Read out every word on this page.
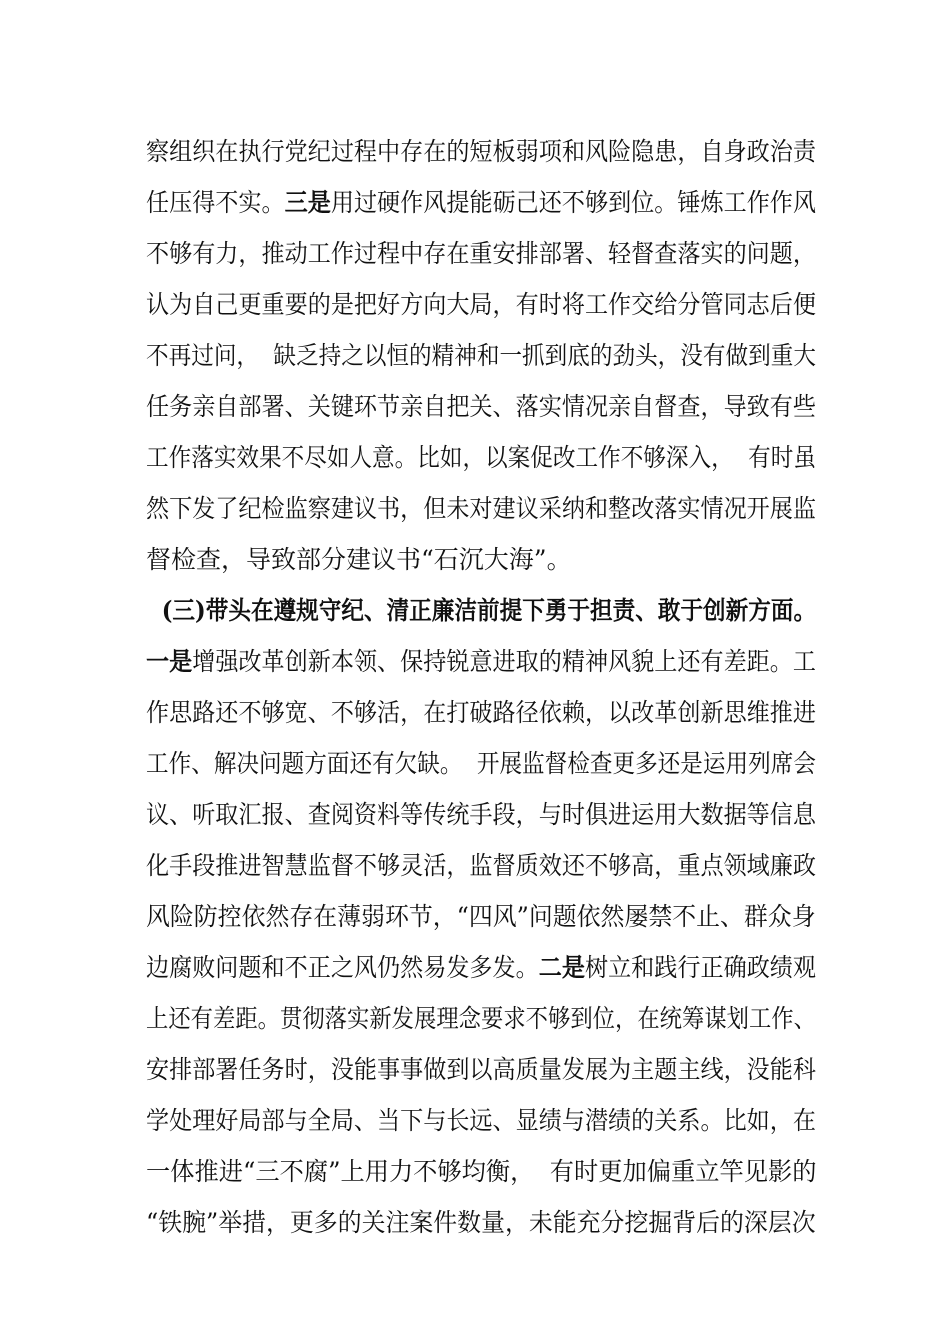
察组织在执行党纪过程中存在的短板弱项和风险隐患，自身政治责
任压得不实。三是用过硬作风提能砺己还不够到位。锤炼工作作风
不够有力，推动工作过程中存在重安排部署、轻督查落实的问题，
认为自己更重要的是把好方向大局，有时将工作交给分管同志后便
不再过问，  缺乏持之以恒的精神和一抓到底的劲头，没有做到重大
任务亲自部署、关键环节亲自把关、落实情况亲自督查，导致有些
工作落实效果不尽如人意。比如，以案促改工作不够深入，  有时虽
然下发了纪检监察建议书，但未对建议采纳和整改落实情况开展监
督检查，导致部分建议书“石沉大海”。
(三)带头在遵规守纪、清正廉洁前提下勇于担责、敢于创新方面。
一是增强改革创新本领、保持锐意进取的精神风貌上还有差距。工
作思路还不够宽、不够活，在打破路径依赖，以改革创新思维推进
工作、解决问题方面还有欠缺。  开展监督检查更多还是运用列席会
议、听取汇报、查阅资料等传统手段，与时俱进运用大数据等信息
化手段推进智慧监督不够灵活，监督质效还不够高，重点领域廉政
风险防控依然存在薄弱环节，“四风”问题依然屡禁不止、群众身
边腐败问题和不正之风仍然易发多发。二是树立和践行正确政绩观
上还有差距。贯彻落实新发展理念要求不够到位，在统筹谋划工作、
安排部署任务时，没能事事做到以高质量发展为主题主线，没能科
学处理好局部与全局、当下与长远、显绩与潜绩的关系。比如，在
一体推进“三不腐”上用力不够均衡，  有时更加偏重立竿见影的
“铁腕”举措，更多的关注案件数量，未能充分挖掘背后的深层次
